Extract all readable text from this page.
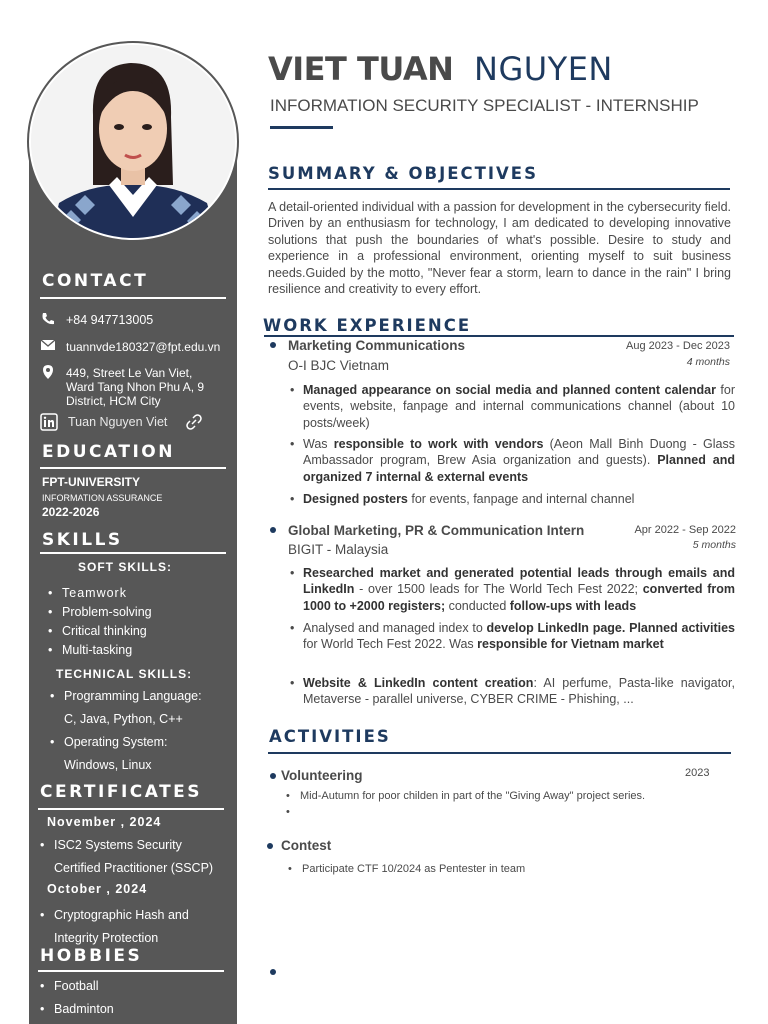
CONTACT
+84 947713005
tuannvde180327@fpt.edu.vn
449, Street Le Van Viet,
Ward Tang Nhon Phu A, 9
District, HCM City
Tuan Nguyen Viet
EDUCATION
FPT-UNIVERSITY
INFORMATION ASSURANCE
2022-2026
SKILLS
SOFT SKILLS:
• Teamwork
• Problem-solving
• Critical thinking
• Multi-tasking
TECHNICAL SKILLS:
• Programming Language:
C, Java, Python, C++
• Operating System:
Windows, Linux
CERTIFICATES
November , 2024
• ISC2 Systems Security
Certified Practitioner (SSCP)
October , 2024
• Cryptographic Hash and
Integrity Protection
HOBBIES
• Football
• Badminton
VIET TUAN NGUYEN
INFORMATION SECURITY SPECIALIST - INTERNSHIP
SUMMARY & OBJECTIVES
A detail-oriented individual with a passion for development in the cybersecurity field. Driven by an enthusiasm for technology, I am dedicated to developing innovative solutions that push the boundaries of what's possible. Desire to study and experience in a professional environment, orienting myself to suit business needs.Guided by the motto, "Never fear a storm, learn to dance in the rain" I bring resilience and creativity to every effort.
WORK EXPERIENCE
Marketing Communications	Aug 2023 - Dec 2023
O-I BJC Vietnam	4 months
• Managed appearance on social media and planned content calendar for events, website, fanpage and internal communications channel (about 10 posts/week)
• Was responsible to work with vendors (Aeon Mall Binh Duong - Glass Ambassador program, Brew Asia organization and guests). Planned and organized 7 internal & external events
• Designed posters for events, fanpage and internal channel
Global Marketing, PR & Communication Intern	Apr 2022 - Sep 2022
BIGIT - Malaysia	5 months
• Researched market and generated potential leads through emails and LinkedIn - over 1500 leads for The World Tech Fest 2022; converted from 1000 to +2000 registers; conducted follow-ups with leads
• Analysed and managed index to develop LinkedIn page. Planned activities for World Tech Fest 2022. Was responsible for Vietnam market
• Website & LinkedIn content creation: AI perfume, Pasta-like navigator, Metaverse - parallel universe, CYBER CRIME - Phishing, ...
ACTIVITIES
Volunteering	2023
• Mid-Autumn for poor childen in part of the "Giving Away" project series.
Contest
• Participate CTF 10/2024 as Pentester in team
